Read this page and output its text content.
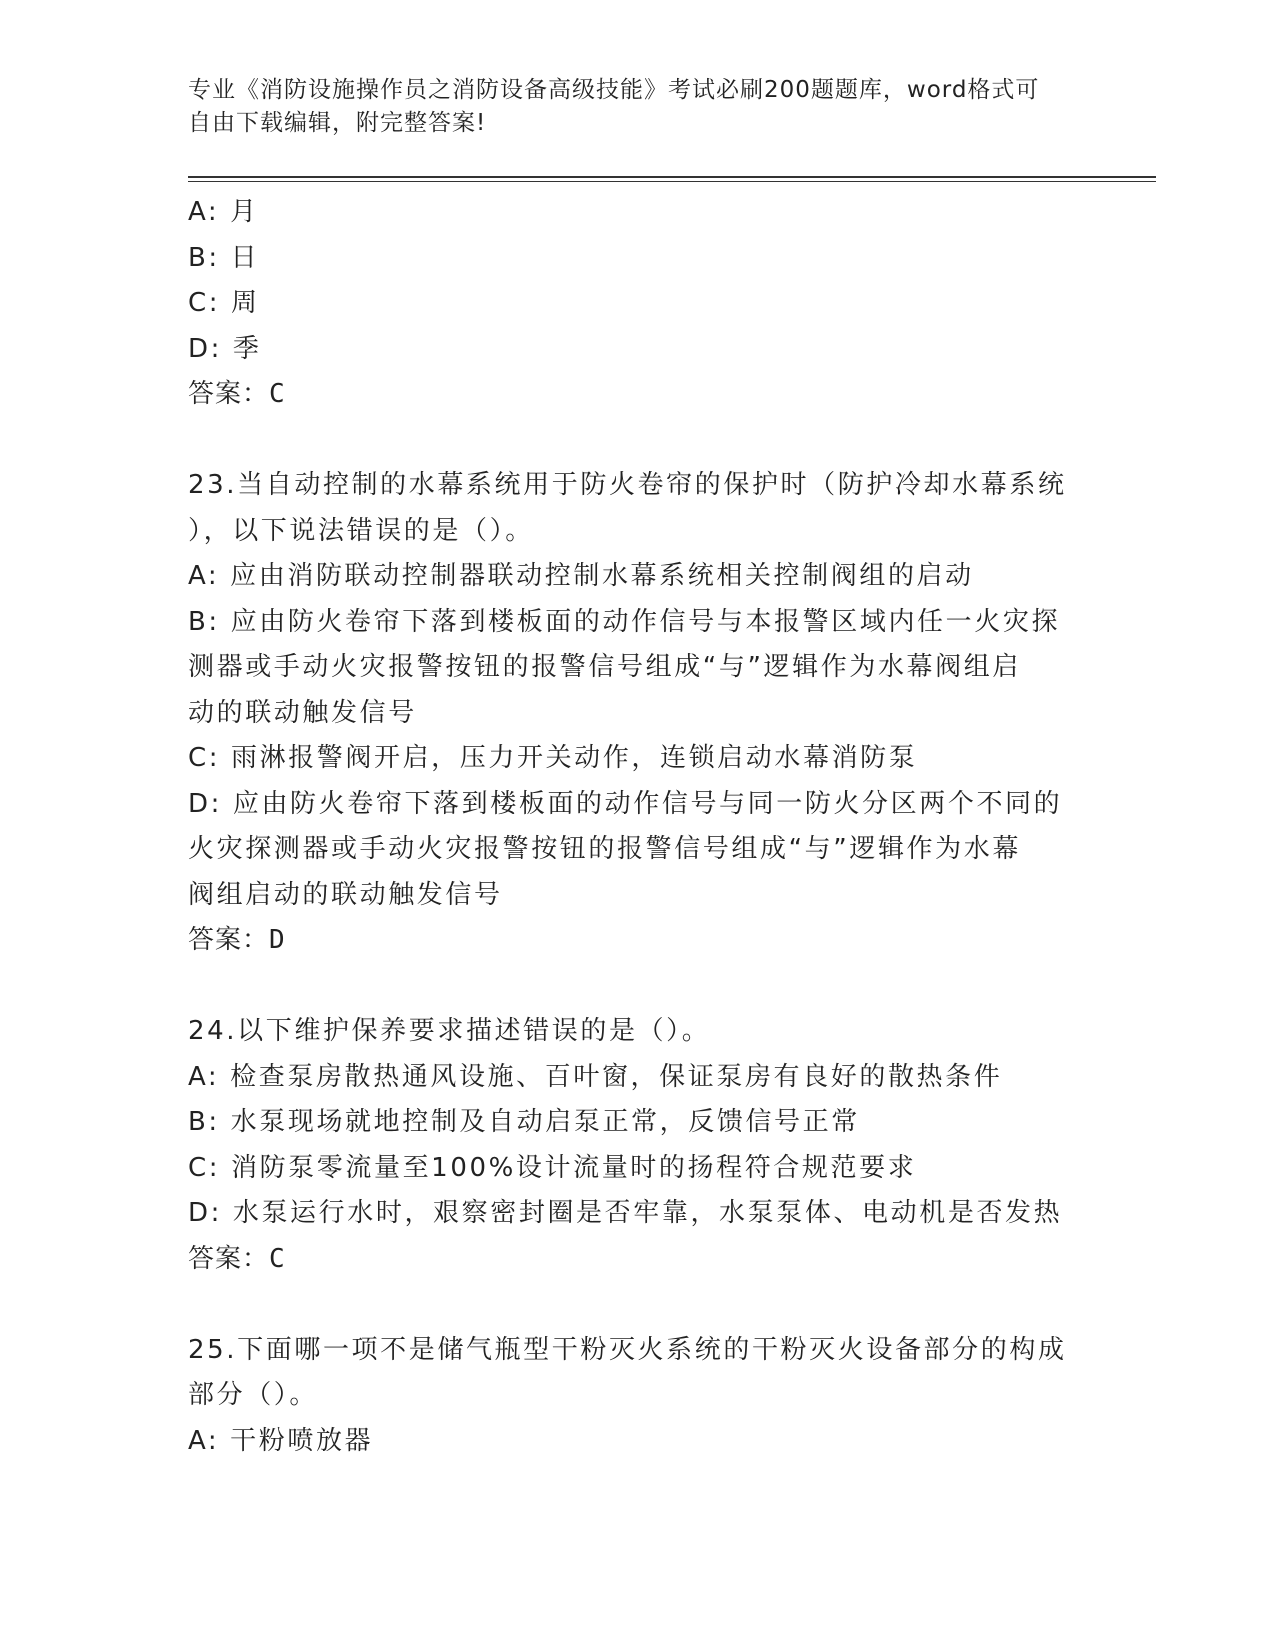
专业《消防设施操作员之消防设备高级技能》考试必刷200题题库，word格式可
自由下载编辑，附完整答案!

A: 月

B: 日

C: 周

D: 季

答案：C

23.当自动控制的水幕系统用于防火卷帘的保护时（防护冷却水幕系统

），以下说法错误的是（）。

A: 应由消防联动控制器联动控制水幕系统相关控制阀组的启动

B: 应由防火卷帘下落到楼板面的动作信号与本报警区域内任一火灾探

测器或手动火灾报警按钮的报警信号组成“与”逻辑作为水幕阀组启

动的联动触发信号

C: 雨淋报警阀开启，压力开关动作，连锁启动水幕消防泵

D: 应由防火卷帘下落到楼板面的动作信号与同一防火分区两个不同的

火灾探测器或手动火灾报警按钮的报警信号组成“与”逻辑作为水幕

阀组启动的联动触发信号

答案：D

24.以下维护保养要求描述错误的是（）。

A: 检查泵房散热通风设施、百叶窗，保证泵房有良好的散热条件

B: 水泵现场就地控制及自动启泵正常，反馈信号正常

C: 消防泵零流量至100%设计流量时的扬程符合规范要求

D: 水泵运行水时，艰察密封圈是否牢靠，水泵泵体、电动机是否发热

答案：C

25.下面哪一项不是储气瓶型干粉灭火系统的干粉灭火设备部分的构成

部分（）。

A: 干粉喷放器
